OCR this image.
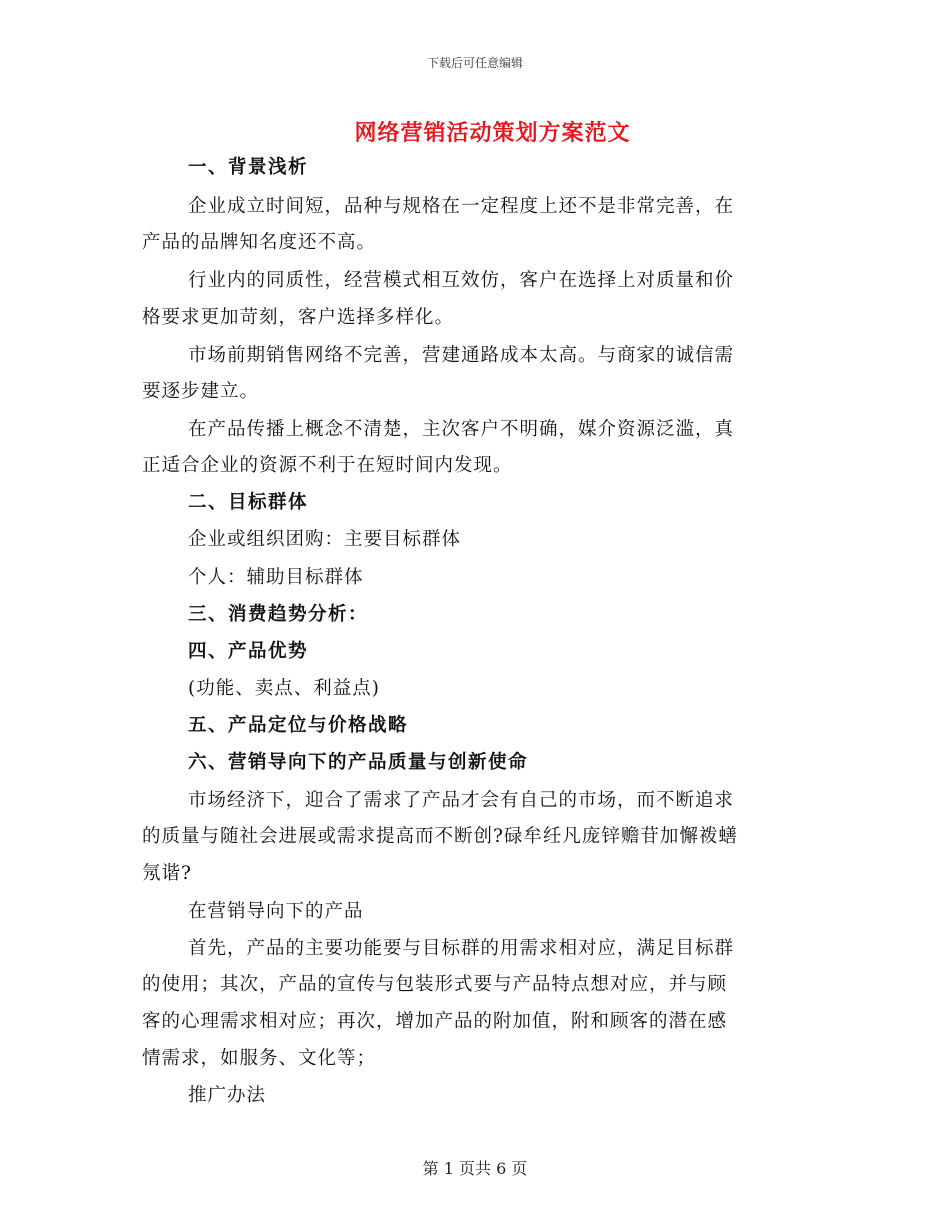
下载后可任意编辑
网络营销活动策划方案范文
一、背景浅析
企业成立时间短，品种与规格在一定程度上还不是非常完善，在
产品的品牌知名度还不高。
行业内的同质性，经营模式相互效仿，客户在选择上对质量和价
格要求更加苛刻，客户选择多样化。
市场前期销售网络不完善，营建通路成本太高。与商家的诚信需
要逐步建立。
在产品传播上概念不清楚，主次客户不明确，媒介资源泛滥，真
正适合企业的资源不利于在短时间内发现。
二、目标群体
企业或组织团购：主要目标群体
个人：辅助目标群体
三、消费趋势分析：
四、产品优势
(功能、卖点、利益点)
五、产品定位与价格战略
六、营销导向下的产品质量与创新使命
市场经济下，迎合了需求了产品才会有自己的市场，而不断追求
的质量与随社会进展或需求提高而不断创?碌牟纴凡庞锌赡苷加懈袯蟮
氖谐?
在营销导向下的产品
首先，产品的主要功能要与目标群的用需求相对应，满足目标群
的使用；其次，产品的宣传与包装形式要与产品特点想对应，并与顾
客的心理需求相对应；再次，增加产品的附加值，附和顾客的潜在感
情需求，如服务、文化等；
推广办法
第 1 页共 6 页
